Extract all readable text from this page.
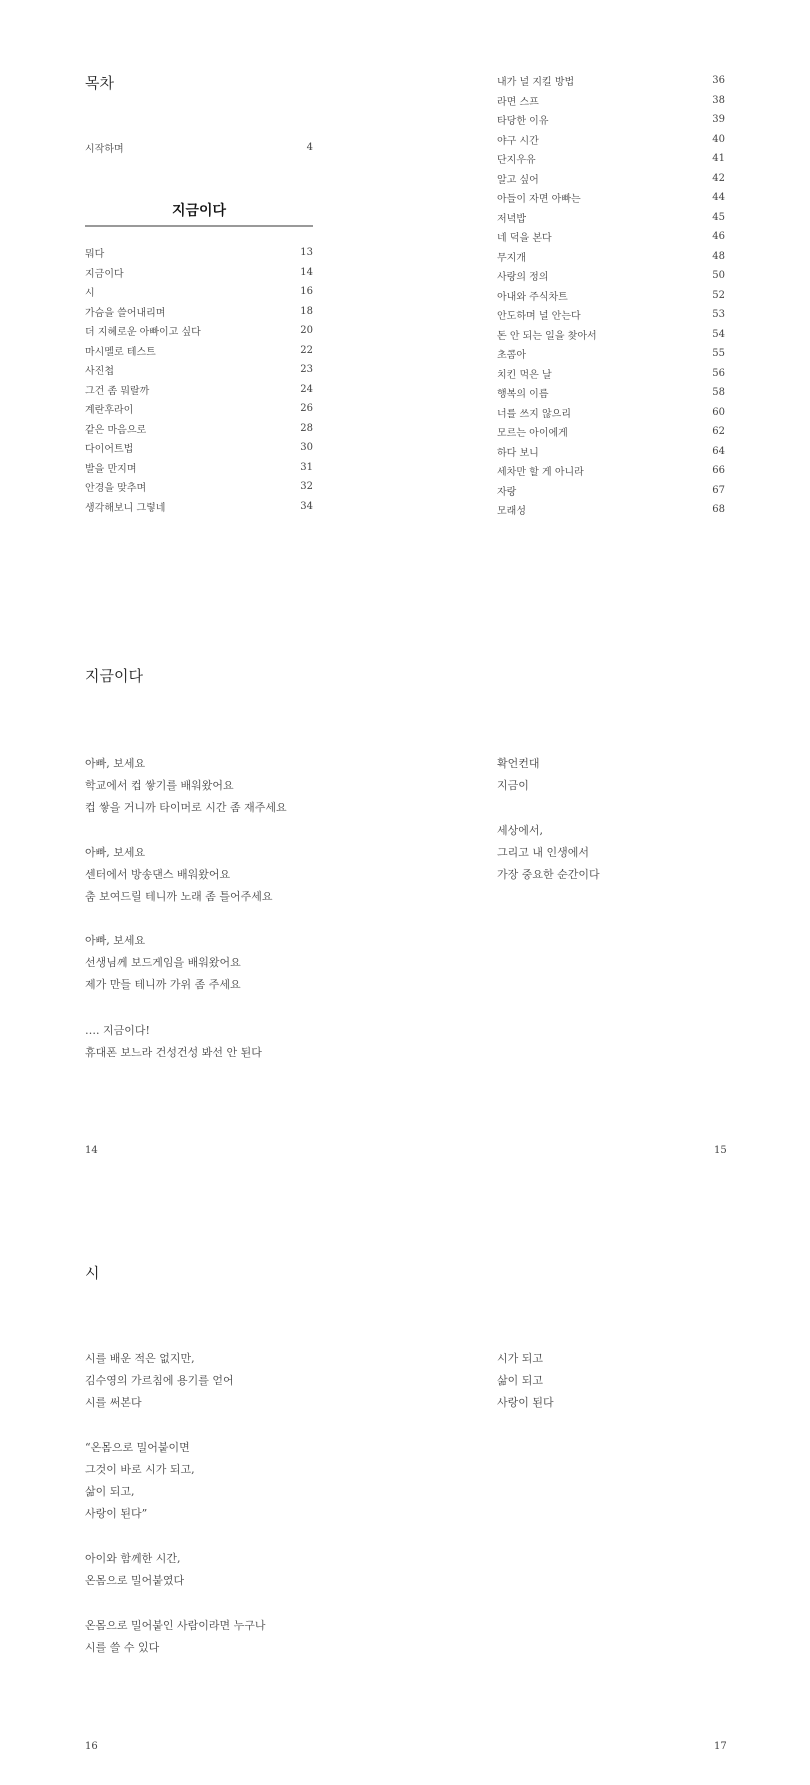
목차
시작하며	4
지금이다
뭐다	13
지금이다	14
시	16
가슴을 쓸어내리며	18
더 지혜로운 아빠이고 싶다	20
마시멜로 테스트	22
사진첩	23
그건 좀 뭐랄까	24
계란후라이	26
같은 마음으로	28
다이어트법	30
발을 만지며	31
안경을 맞추며	32
생각해보니 그렇네	34
내가 널 지킬 방법	36
라면 스프	38
타당한 이유	39
야구 시간	40
단지우유	41
알고 싶어	42
아들이 자면 아빠는	44
저녁밥	45
네 덕을 본다	46
무지개	48
사랑의 정의	50
아내와 주식차트	52
안도하며 널 안는다	53
돈 안 되는 일을 찾아서	54
초콤아	55
치킨 먹은 날	56
행복의 이름	58
너를 쓰지 않으리	60
모르는 아이에게	62
하다 보니	64
세차만 할 게 아니라	66
자랑	67
모래성	68
지금이다
아빠, 보세요
학교에서 컵 쌓기를 배워왔어요
컵 쌓을 거니까 타이머로 시간 좀 재주세요
아빠, 보세요
센터에서 방송댄스 배워왔어요
춤 보여드릴 테니까 노래 좀 틀어주세요
아빠, 보세요
선생님께 보드게임을 배워왔어요
제가 만들 테니까 가위 좀 주세요
…. 지금이다!
휴대폰 보느라 건성건성 봐선 안 된다
확언컨대
지금이
세상에서,
그리고 내 인생에서
가장 중요한 순간이다
14	15
시
시를 배운 적은 없지만,
김수영의 가르침에 용기를 얻어
시를 써본다
“온몸으로 밀어붙이면
그것이 바로 시가 되고,
삶이 되고,
사랑이 된다”
아이와 함께한 시간,
온몸으로 밀어붙였다
온몸으로 밀어붙인 사람이라면 누구나
시를 쓸 수 있다
시가 되고
삶이 되고
사랑이 된다
16	17
